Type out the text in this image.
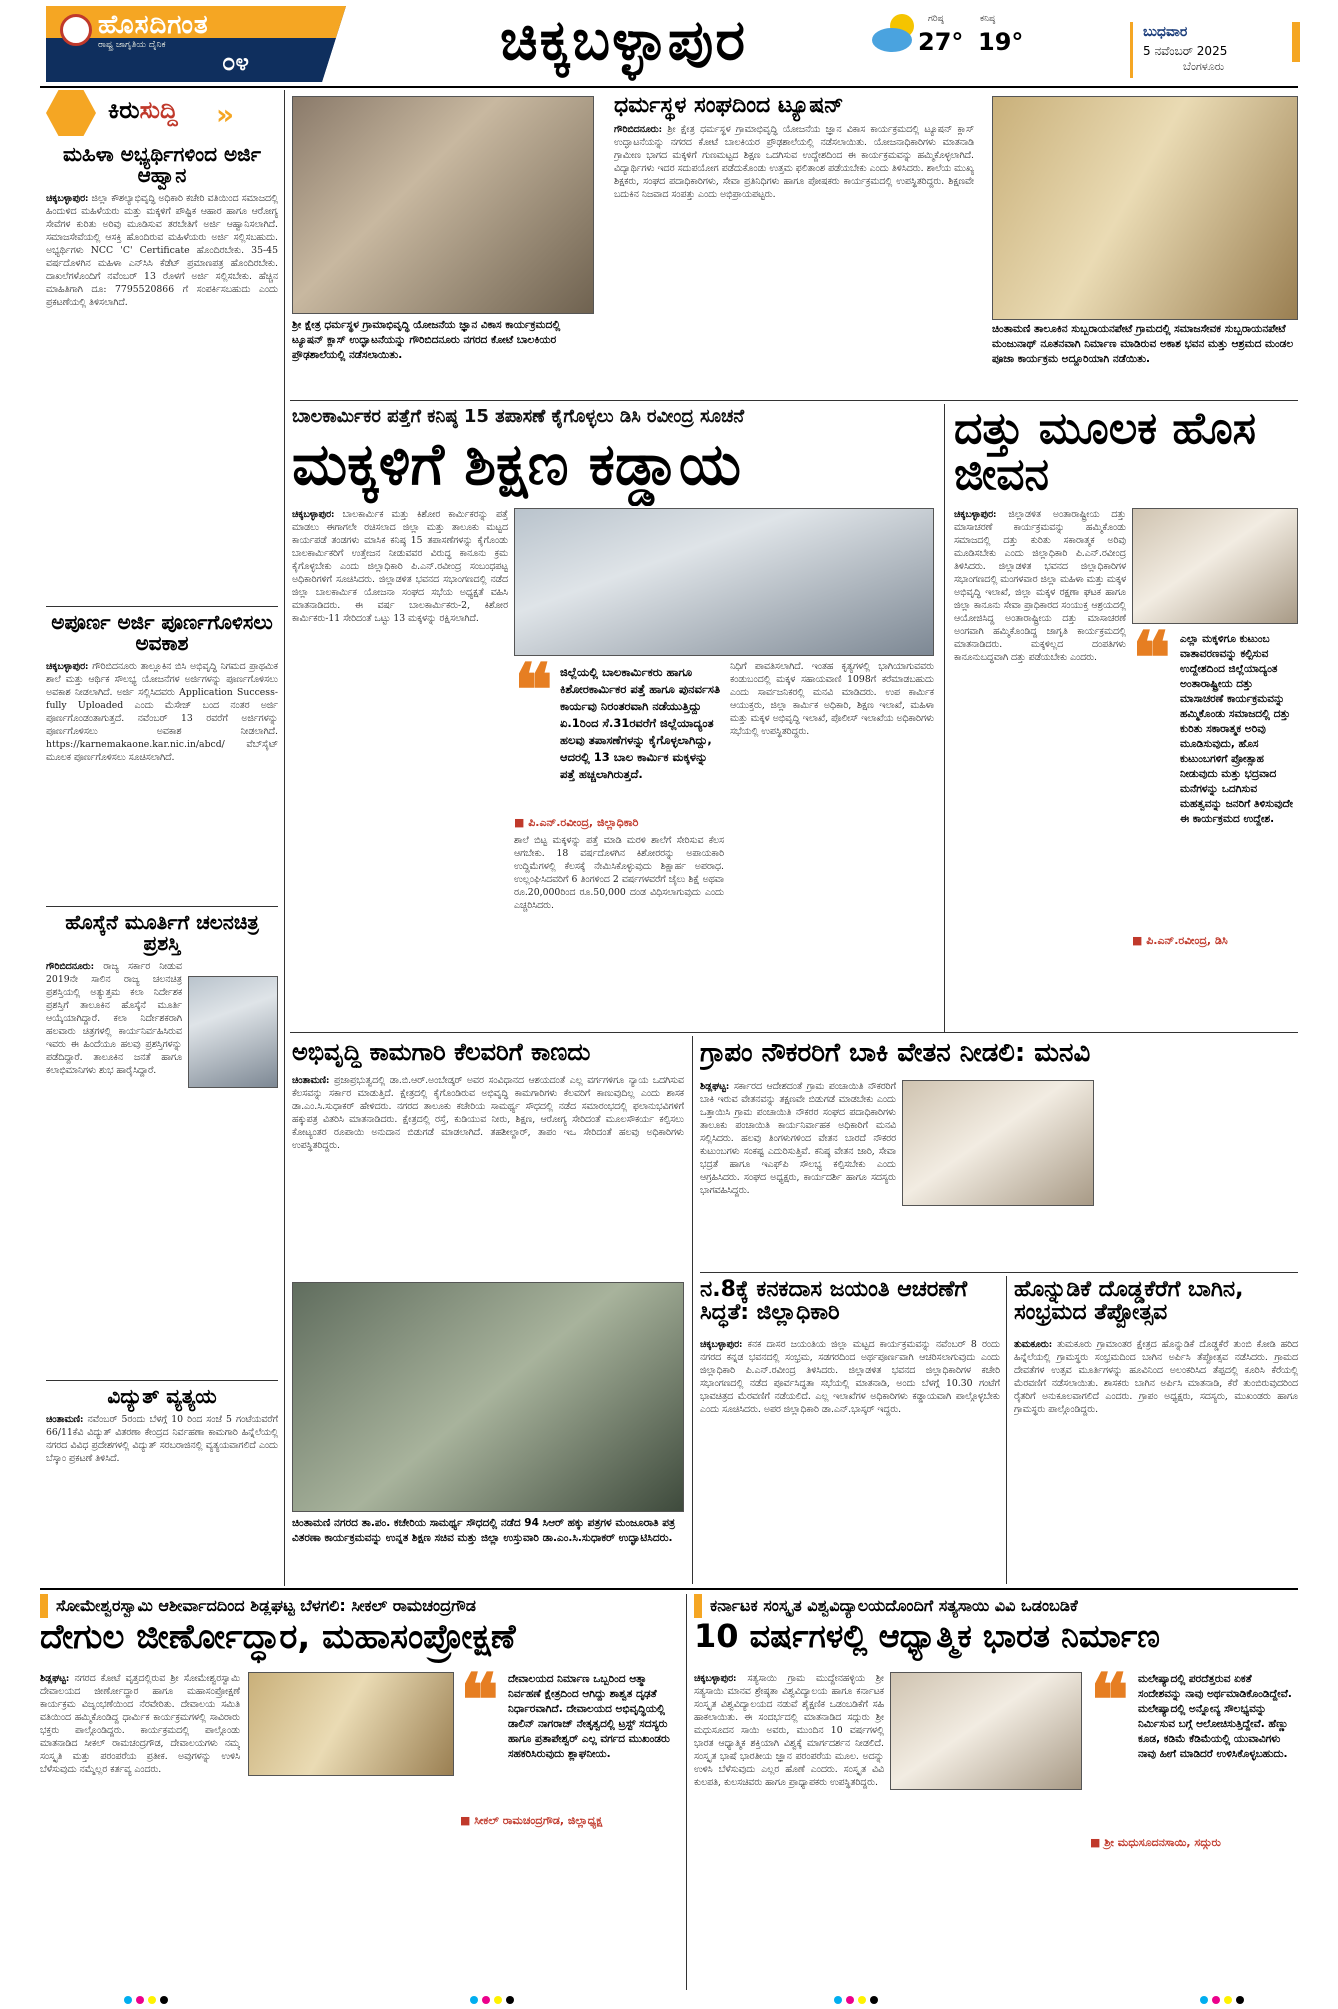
ಹೊಸದಿಗಂತ
ರಾಷ್ಟ್ರ ಜಾಗೃತಿಯ ದೈನಿಕ
೦೪	ಚಿಕ್ಕಬಳ್ಳಾಪುರ	ಗರಿಷ್ಠ
27°
ಕನಿಷ್ಠ
19°	ಬುಧವಾರ
5 ನವೆಂಬರ್ 2025
ಬೆಂಗಳೂರು
ಕಿರುಸುದ್ದಿ »
ಮಹಿಳಾ ಅಭ್ಯರ್ಥಿಗಳಿಂದ ಅರ್ಜಿ ಆಹ್ವಾನ
ಚಿಕ್ಕಬಳ್ಳಾಪುರ: ಜಿಲ್ಲಾ ಕೌಶಲ್ಯಾಭಿವೃದ್ಧಿ ಅಧಿಕಾರಿ ಕಚೇರಿ ವತಿಯಿಂದ ಸಮಾಜದಲ್ಲಿ ಹಿಂದುಳಿದ ಮಹಿಳೆಯರು ಮತ್ತು ಮಕ್ಕಳಿಗೆ ಪೌಷ್ಟಿಕ ಆಹಾರ ಹಾಗೂ ಆರೋಗ್ಯ ಸೇವೆಗಳ ಕುರಿತು ಅರಿವು ಮೂಡಿಸುವ ತರಬೇತಿಗೆ ಅರ್ಜಿ ಆಹ್ವಾನಿಸಲಾಗಿದೆ. ಸಮಾಜಸೇವೆಯಲ್ಲಿ ಆಸಕ್ತಿ ಹೊಂದಿರುವ ಮಹಿಳೆಯರು ಅರ್ಜಿ ಸಲ್ಲಿಸಬಹುದು. ಅಭ್ಯರ್ಥಿಗಳು NCC 'C' Certificate ಹೊಂದಿರಬೇಕು. 35-45 ವರ್ಷದೊಳಗಿನ ಮಹಿಳಾ ಎನ್‌ಸಿಸಿ ಕೆಡೆಟ್ ಪ್ರಮಾಣಪತ್ರ ಹೊಂದಿರಬೇಕು. ದಾಖಲೆಗಳೊಂದಿಗೆ ನವೆಂಬರ್ 13 ರೊಳಗೆ ಅರ್ಜಿ ಸಲ್ಲಿಸಬೇಕು. ಹೆಚ್ಚಿನ ಮಾಹಿತಿಗಾಗಿ ದೂ: 7795520866 ಗೆ ಸಂಪರ್ಕಿಸಬಹುದು ಎಂದು ಪ್ರಕಟಣೆಯಲ್ಲಿ ತಿಳಿಸಲಾಗಿದೆ.
ಅಪೂರ್ಣ ಅರ್ಜಿ ಪೂರ್ಣಗೊಳಿಸಲು ಅವಕಾಶ
ಚಿಕ್ಕಬಳ್ಳಾಪುರ: ಗೌರಿಬಿದನೂರು ತಾಲ್ಲೂಕಿನ ಬಿಸಿ ಅಭಿವೃದ್ಧಿ ನಿಗಮದ ಪ್ರಾಥಮಿಕ ಶಾಲೆ ಮತ್ತು ಆರ್ಥಿಕ ಸೌಲಭ್ಯ ಯೋಜನೆಗಳ ಅರ್ಜಿಗಳನ್ನು ಪೂರ್ಣಗೊಳಿಸಲು ಅವಕಾಶ ನೀಡಲಾಗಿದೆ. ಅರ್ಜಿ ಸಲ್ಲಿಸಿದವರು Application Success-fully Uploaded ಎಂದು ಮೆಸೇಜ್ ಬಂದ ನಂತರ ಅರ್ಜಿ ಪೂರ್ಣಗೊಂಡಂತಾಗುತ್ತದೆ. ನವೆಂಬರ್ 13 ರವರೆಗೆ ಅರ್ಜಿಗಳನ್ನು ಪೂರ್ಣಗೊಳಿಸಲು ಅವಕಾಶ ನೀಡಲಾಗಿದೆ. https://karnemakaone.kar.nic.in/abcd/ ವೆಬ್‌ಸೈಟ್ ಮೂಲಕ ಪೂರ್ಣಗೊಳಿಸಲು ಸೂಚಿಸಲಾಗಿದೆ.
ಹೊಸ್ಕೆನೆ ಮೂರ್ತಿಗೆ ಚಲನಚಿತ್ರ ಪ್ರಶಸ್ತಿ
ಗೌರಿಬಿದನೂರು: ರಾಜ್ಯ ಸರ್ಕಾರ ನೀಡುವ 2019ನೇ ಸಾಲಿನ ರಾಜ್ಯ ಚಲನಚಿತ್ರ ಪ್ರಶಸ್ತಿಯಲ್ಲಿ ಅತ್ಯುತ್ತಮ ಕಲಾ ನಿರ್ದೇಶಕ ಪ್ರಶಸ್ತಿಗೆ ತಾಲೂಕಿನ ಹೊಸ್ಕೆನೆ ಮೂರ್ತಿ ಆಯ್ಕೆಯಾಗಿದ್ದಾರೆ. ಕಲಾ ನಿರ್ದೇಶಕರಾಗಿ ಹಲವಾರು ಚಿತ್ರಗಳಲ್ಲಿ ಕಾರ್ಯನಿರ್ವಹಿಸಿರುವ ಇವರು ಈ ಹಿಂದೆಯೂ ಹಲವು ಪ್ರಶಸ್ತಿಗಳನ್ನು ಪಡೆದಿದ್ದಾರೆ. ತಾಲೂಕಿನ ಜನತೆ ಹಾಗೂ ಕಲಾಭಿಮಾನಿಗಳು ಶುಭ ಹಾರೈಸಿದ್ದಾರೆ.
ವಿದ್ಯುತ್ ವ್ಯತ್ಯಯ
ಚಿಂತಾಮಣಿ: ನವೆಂಬರ್ 5ರಂದು ಬೆಳಗ್ಗೆ 10 ರಿಂದ ಸಂಜೆ 5 ಗಂಟೆಯವರೆಗೆ 66/11ಕೆವಿ ವಿದ್ಯುತ್ ವಿತರಣಾ ಕೇಂದ್ರದ ನಿರ್ವಹಣಾ ಕಾಮಗಾರಿ ಹಿನ್ನೆಲೆಯಲ್ಲಿ ನಗರದ ವಿವಿಧ ಪ್ರದೇಶಗಳಲ್ಲಿ ವಿದ್ಯುತ್ ಸರಬರಾಜಿನಲ್ಲಿ ವ್ಯತ್ಯಯವಾಗಲಿದೆ ಎಂದು ಬೆಸ್ಕಾಂ ಪ್ರಕಟಣೆ ತಿಳಿಸಿದೆ.
ಶ್ರೀ ಕ್ಷೇತ್ರ ಧರ್ಮಸ್ಥಳ ಗ್ರಾಮಾಭಿವೃದ್ಧಿ ಯೋಜನೆಯ ಜ್ಞಾನ ವಿಕಾಸ ಕಾರ್ಯಕ್ರಮದಲ್ಲಿ ಟ್ಯೂಷನ್ ಕ್ಲಾಸ್ ಉದ್ಘಾಟನೆಯನ್ನು ಗೌರಿಬಿದನೂರು ನಗರದ ಕೋಟೆ ಬಾಲಕಿಯರ ಪ್ರೌಢಶಾಲೆಯಲ್ಲಿ ನಡೆಸಲಾಯಿತು.
ಧರ್ಮಸ್ಥಳ ಸಂಘದಿಂದ ಟ್ಯೂಷನ್
ಗೌರಿಬಿದನೂರು: ಶ್ರೀ ಕ್ಷೇತ್ರ ಧರ್ಮಸ್ಥಳ ಗ್ರಾಮಾಭಿವೃದ್ಧಿ ಯೋಜನೆಯ ಜ್ಞಾನ ವಿಕಾಸ ಕಾರ್ಯಕ್ರಮದಲ್ಲಿ ಟ್ಯೂಷನ್ ಕ್ಲಾಸ್ ಉದ್ಘಾಟನೆಯನ್ನು ನಗರದ ಕೋಟೆ ಬಾಲಕಿಯರ ಪ್ರೌಢಶಾಲೆಯಲ್ಲಿ ನಡೆಸಲಾಯಿತು. ಯೋಜನಾಧಿಕಾರಿಗಳು ಮಾತನಾಡಿ ಗ್ರಾಮೀಣ ಭಾಗದ ಮಕ್ಕಳಿಗೆ ಗುಣಮಟ್ಟದ ಶಿಕ್ಷಣ ಒದಗಿಸುವ ಉದ್ದೇಶದಿಂದ ಈ ಕಾರ್ಯಕ್ರಮವನ್ನು ಹಮ್ಮಿಕೊಳ್ಳಲಾಗಿದೆ. ವಿದ್ಯಾರ್ಥಿಗಳು ಇದರ ಸದುಪಯೋಗ ಪಡೆದುಕೊಂಡು ಉತ್ತಮ ಫಲಿತಾಂಶ ಪಡೆಯಬೇಕು ಎಂದು ತಿಳಿಸಿದರು. ಶಾಲೆಯ ಮುಖ್ಯ ಶಿಕ್ಷಕರು, ಸಂಘದ ಪದಾಧಿಕಾರಿಗಳು, ಸೇವಾ ಪ್ರತಿನಿಧಿಗಳು ಹಾಗೂ ಪೋಷಕರು ಕಾರ್ಯಕ್ರಮದಲ್ಲಿ ಉಪಸ್ಥಿತರಿದ್ದರು. ಶಿಕ್ಷಣವೇ ಬದುಕಿನ ನಿಜವಾದ ಸಂಪತ್ತು ಎಂದು ಅಭಿಪ್ರಾಯಪಟ್ಟರು.
ಚಿಂತಾಮಣಿ ತಾಲೂಕಿನ ಸುಬ್ಬರಾಯನಪೇಟೆ ಗ್ರಾಮದಲ್ಲಿ ಸಮಾಜಸೇವಕ ಸುಬ್ಬರಾಯನಪೇಟೆ ಮಂಜುನಾಥ್ ನೂತನವಾಗಿ ನಿರ್ಮಾಣ ಮಾಡಿರುವ ಅಕಾಶ ಭವನ ಮತ್ತು ಆಶ್ರಮದ ಮಂಡಲ ಪೂಜಾ ಕಾರ್ಯಕ್ರಮ ಅದ್ದೂರಿಯಾಗಿ ನಡೆಯಿತು.
ಬಾಲಕಾರ್ಮಿಕರ ಪತ್ತೆಗೆ ಕನಿಷ್ಠ 15 ತಪಾಸಣೆ ಕೈಗೊಳ್ಳಲು ಡಿಸಿ ರವೀಂದ್ರ ಸೂಚನೆ
ಮಕ್ಕಳಿಗೆ ಶಿಕ್ಷಣ ಕಡ್ಡಾಯ
ಚಿಕ್ಕಬಳ್ಳಾಪುರ: ಬಾಲಕಾರ್ಮಿಕ ಮತ್ತು ಕಿಶೋರ ಕಾರ್ಮಿಕರನ್ನು ಪತ್ತೆ ಮಾಡಲು ಈಗಾಗಲೇ ರಚಿಸಲಾದ ಜಿಲ್ಲಾ ಮತ್ತು ತಾಲೂಕು ಮಟ್ಟದ ಕಾರ್ಯಪಡೆ ತಂಡಗಳು ಮಾಸಿಕ ಕನಿಷ್ಠ 15 ತಪಾಸಣೆಗಳನ್ನು ಕೈಗೊಂಡು ಬಾಲಕಾರ್ಮಿಕರಿಗೆ ಉತ್ತೇಜನ ನೀಡುವವರ ವಿರುದ್ಧ ಕಾನೂನು ಕ್ರಮ ಕೈಗೊಳ್ಳಬೇಕು ಎಂದು ಜಿಲ್ಲಾಧಿಕಾರಿ ಪಿ.ಎನ್.ರವೀಂದ್ರ ಸಂಬಂಧಪಟ್ಟ ಅಧಿಕಾರಿಗಳಿಗೆ ಸೂಚಿಸಿದರು. ಜಿಲ್ಲಾಡಳಿತ ಭವನದ ಸಭಾಂಗಣದಲ್ಲಿ ನಡೆದ ಜಿಲ್ಲಾ ಬಾಲಕಾರ್ಮಿಕ ಯೋಜನಾ ಸಂಘದ ಸಭೆಯ ಅಧ್ಯಕ್ಷತೆ ವಹಿಸಿ ಮಾತನಾಡಿದರು. ಈ ವರ್ಷ ಬಾಲಕಾರ್ಮಿಕರು-2, ಕಿಶೋರ ಕಾರ್ಮಿಕರು-11 ಸೇರಿದಂತೆ ಒಟ್ಟು 13 ಮಕ್ಕಳನ್ನು ರಕ್ಷಿಸಲಾಗಿದೆ.
❝ ಜಿಲ್ಲೆಯಲ್ಲಿ ಬಾಲಕಾರ್ಮಿಕರು ಹಾಗೂ ಕಿಶೋರಕಾರ್ಮಿಕರ ಪತ್ತೆ ಹಾಗೂ ಪುನರ್ವಸತಿ ಕಾರ್ಯವು ನಿರಂತರವಾಗಿ ನಡೆಯುತ್ತಿದ್ದು ಏ.1ರಿಂದ ಸೆ.31ರವರೆಗೆ ಜಿಲ್ಲೆಯಾದ್ಯಂತ ಹಲವು ತಪಾಸಣೆಗಳನ್ನು ಕೈಗೊಳ್ಳಲಾಗಿದ್ದು, ಆದರಲ್ಲಿ 13 ಬಾಲ ಕಾರ್ಮಿಕ ಮಕ್ಕಳನ್ನು ಪತ್ತೆ ಹಚ್ಚಲಾಗಿರುತ್ತದೆ.
■ ಪಿ.ಎನ್.ರವೀಂದ್ರ, ಜಿಲ್ಲಾಧಿಕಾರಿ
ಶಾಲೆ ಬಿಟ್ಟ ಮಕ್ಕಳನ್ನು ಪತ್ತೆ ಮಾಡಿ ಮರಳಿ ಶಾಲೆಗೆ ಸೇರಿಸುವ ಕೆಲಸ ಆಗಬೇಕು. 18 ವರ್ಷದೊಳಗಿನ ಕಿಶೋರರನ್ನು ಅಪಾಯಕಾರಿ ಉದ್ದಿಮೆಗಳಲ್ಲಿ ಕೆಲಸಕ್ಕೆ ನೇಮಿಸಿಕೊಳ್ಳುವುದು ಶಿಕ್ಷಾರ್ಹ ಅಪರಾಧ. ಉಲ್ಲಂಘಿಸಿದವರಿಗೆ 6 ತಿಂಗಳಿಂದ 2 ವರ್ಷಗಳವರೆಗೆ ಜೈಲು ಶಿಕ್ಷೆ ಅಥವಾ ರೂ.20,000ರಿಂದ ರೂ.50,000 ದಂಡ ವಿಧಿಸಲಾಗುವುದು ಎಂದು ಎಚ್ಚರಿಸಿದರು.
ನಿಧಿಗೆ ಪಾವತಿಸಲಾಗಿದೆ. ಇಂತಹ ಕೃತ್ಯಗಳಲ್ಲಿ ಭಾಗಿಯಾಗುವವರು ಕಂಡುಬಂದಲ್ಲಿ ಮಕ್ಕಳ ಸಹಾಯವಾಣಿ 1098ಗೆ ಕರೆಮಾಡಬಹುದು ಎಂದು ಸಾರ್ವಜನಿಕರಲ್ಲಿ ಮನವಿ ಮಾಡಿದರು. ಉಪ ಕಾರ್ಮಿಕ ಆಯುಕ್ತರು, ಜಿಲ್ಲಾ ಕಾರ್ಮಿಕ ಅಧಿಕಾರಿ, ಶಿಕ್ಷಣ ಇಲಾಖೆ, ಮಹಿಳಾ ಮತ್ತು ಮಕ್ಕಳ ಅಭಿವೃದ್ಧಿ ಇಲಾಖೆ, ಪೊಲೀಸ್ ಇಲಾಖೆಯ ಅಧಿಕಾರಿಗಳು ಸಭೆಯಲ್ಲಿ ಉಪಸ್ಥಿತರಿದ್ದರು.
ದತ್ತು ಮೂಲಕ ಹೊಸ ಜೀವನ
ಚಿಕ್ಕಬಳ್ಳಾಪುರ: ಜಿಲ್ಲಾಡಳಿತ ಅಂತಾರಾಷ್ಟ್ರೀಯ ದತ್ತು ಮಾಸಾಚರಣೆ ಕಾರ್ಯಕ್ರಮವನ್ನು ಹಮ್ಮಿಕೊಂಡು ಸಮಾಜದಲ್ಲಿ ದತ್ತು ಕುರಿತು ಸಕಾರಾತ್ಮಕ ಅರಿವು ಮೂಡಿಸಬೇಕು ಎಂದು ಜಿಲ್ಲಾಧಿಕಾರಿ ಪಿ.ಎನ್.ರವೀಂದ್ರ ತಿಳಿಸಿದರು. ಜಿಲ್ಲಾಡಳಿತ ಭವನದ ಜಿಲ್ಲಾಧಿಕಾರಿಗಳ ಸಭಾಂಗಣದಲ್ಲಿ ಮಂಗಳವಾರ ಜಿಲ್ಲಾ ಮಹಿಳಾ ಮತ್ತು ಮಕ್ಕಳ ಅಭಿವೃದ್ಧಿ ಇಲಾಖೆ, ಜಿಲ್ಲಾ ಮಕ್ಕಳ ರಕ್ಷಣಾ ಘಟಕ ಹಾಗೂ ಜಿಲ್ಲಾ ಕಾನೂನು ಸೇವಾ ಪ್ರಾಧಿಕಾರದ ಸಂಯುಕ್ತ ಆಶ್ರಯದಲ್ಲಿ ಆಯೋಜಿಸಿದ್ದ ಅಂತಾರಾಷ್ಟ್ರೀಯ ದತ್ತು ಮಾಸಾಚರಣೆ ಅಂಗವಾಗಿ ಹಮ್ಮಿಕೊಂಡಿದ್ದ ಜಾಗೃತಿ ಕಾರ್ಯಕ್ರಮದಲ್ಲಿ ಮಾತನಾಡಿದರು. ಮಕ್ಕಳಿಲ್ಲದ ದಂಪತಿಗಳು ಕಾನೂನುಬದ್ಧವಾಗಿ ದತ್ತು ಪಡೆಯಬೇಕು ಎಂದರು. ❝ ಎಲ್ಲಾ ಮಕ್ಕಳಿಗೂ ಕುಟುಂಬ ವಾತಾವರಣವನ್ನು ಕಲ್ಪಿಸುವ ಉದ್ದೇಶದಿಂದ ಜಿಲ್ಲೆಯಾದ್ಯಂತ ಅಂತಾರಾಷ್ಟ್ರೀಯ ದತ್ತು ಮಾಸಾಚರಣೆ ಕಾರ್ಯಕ್ರಮವನ್ನು ಹಮ್ಮಿಕೊಂಡು ಸಮಾಜದಲ್ಲಿ ದತ್ತು ಕುರಿತು ಸಕಾರಾತ್ಮಕ ಅರಿವು ಮೂಡಿಸುವುದು, ಹೊಸ ಕುಟುಂಬಗಳಿಗೆ ಪ್ರೋತ್ಸಾಹ ನೀಡುವುದು ಮತ್ತು ಭದ್ರವಾದ ಮನೆಗಳನ್ನು ಒದಗಿಸುವ ಮಹತ್ವವನ್ನು ಜನರಿಗೆ ತಿಳಿಸುವುದೇ ಈ ಕಾರ್ಯಕ್ರಮದ ಉದ್ದೇಶ.
■ ಪಿ.ಎನ್.ರವೀಂದ್ರ, ಡಿಸಿ
ಅಭಿವೃದ್ಧಿ ಕಾಮಗಾರಿ ಕೆಲವರಿಗೆ ಕಾಣದು
ಚಿಂತಾಮಣಿ: ಪ್ರಜಾಪ್ರಭುತ್ವದಲ್ಲಿ ಡಾ.ಬಿ.ಆರ್.ಅಂಬೇಡ್ಕರ್ ಅವರ ಸಂವಿಧಾನದ ಆಶಯದಂತೆ ಎಲ್ಲ ವರ್ಗಗಳಿಗೂ ನ್ಯಾಯ ಒದಗಿಸುವ ಕೆಲಸವನ್ನು ಸರ್ಕಾರ ಮಾಡುತ್ತಿದೆ. ಕ್ಷೇತ್ರದಲ್ಲಿ ಕೈಗೊಂಡಿರುವ ಅಭಿವೃದ್ಧಿ ಕಾಮಗಾರಿಗಳು ಕೆಲವರಿಗೆ ಕಾಣುವುದಿಲ್ಲ ಎಂದು ಶಾಸಕ ಡಾ.ಎಂ.ಸಿ.ಸುಧಾಕರ್ ಹೇಳಿದರು. ನಗರದ ತಾಲೂಕು ಕಚೇರಿಯ ಸಾಮರ್ಥ್ಯ ಸೌಧದಲ್ಲಿ ನಡೆದ ಸಮಾರಂಭದಲ್ಲಿ ಫಲಾನುಭವಿಗಳಿಗೆ ಹಕ್ಕುಪತ್ರ ವಿತರಿಸಿ ಮಾತನಾಡಿದರು. ಕ್ಷೇತ್ರದಲ್ಲಿ ರಸ್ತೆ, ಕುಡಿಯುವ ನೀರು, ಶಿಕ್ಷಣ, ಆರೋಗ್ಯ ಸೇರಿದಂತೆ ಮೂಲಸೌಕರ್ಯ ಕಲ್ಪಿಸಲು ಕೋಟ್ಯಂತರ ರೂಪಾಯಿ ಅನುದಾನ ಬಿಡುಗಡೆ ಮಾಡಲಾಗಿದೆ. ತಹಶೀಲ್ದಾರ್, ತಾಪಂ ಇಒ ಸೇರಿದಂತೆ ಹಲವು ಅಧಿಕಾರಿಗಳು ಉಪಸ್ಥಿತರಿದ್ದರು.
ಚಿಂತಾಮಣಿ ನಗರದ ತಾ.ಪಂ. ಕಚೇರಿಯ ಸಾಮರ್ಥ್ಯ ಸೌಧದಲ್ಲಿ ನಡೆದ 94 ಸಿಆರ್ ಹಕ್ಕು ಪತ್ರಗಳ ಮಂಜೂರಾತಿ ಪತ್ರ ವಿತರಣಾ ಕಾರ್ಯಕ್ರಮವನ್ನು ಉನ್ನತ ಶಿಕ್ಷಣ ಸಚಿವ ಮತ್ತು ಜಿಲ್ಲಾ ಉಸ್ತುವಾರಿ ಡಾ.ಎಂ.ಸಿ.ಸುಧಾಕರ್ ಉದ್ಘಾಟಿಸಿದರು.
ಗ್ರಾಪಂ ನೌಕರರಿಗೆ ಬಾಕಿ ವೇತನ ನೀಡಲಿ: ಮನವಿ
ಶಿಡ್ಲಘಟ್ಟ: ಸರ್ಕಾರದ ಆದೇಶದಂತೆ ಗ್ರಾಮ ಪಂಚಾಯಿತಿ ನೌಕರರಿಗೆ ಬಾಕಿ ಇರುವ ವೇತನವನ್ನು ತಕ್ಷಣವೇ ಬಿಡುಗಡೆ ಮಾಡಬೇಕು ಎಂದು ಒತ್ತಾಯಿಸಿ ಗ್ರಾಮ ಪಂಚಾಯಿತಿ ನೌಕರರ ಸಂಘದ ಪದಾಧಿಕಾರಿಗಳು ತಾಲೂಕು ಪಂಚಾಯಿತಿ ಕಾರ್ಯನಿರ್ವಾಹಕ ಅಧಿಕಾರಿಗೆ ಮನವಿ ಸಲ್ಲಿಸಿದರು. ಹಲವು ತಿಂಗಳುಗಳಿಂದ ವೇತನ ಬಾರದೆ ನೌಕರರ ಕುಟುಂಬಗಳು ಸಂಕಷ್ಟ ಎದುರಿಸುತ್ತಿವೆ. ಕನಿಷ್ಠ ವೇತನ ಜಾರಿ, ಸೇವಾ ಭದ್ರತೆ ಹಾಗೂ ಇಎಫ್‌ಪಿ ಸೌಲಭ್ಯ ಕಲ್ಪಿಸಬೇಕು ಎಂದು ಆಗ್ರಹಿಸಿದರು. ಸಂಘದ ಅಧ್ಯಕ್ಷರು, ಕಾರ್ಯದರ್ಶಿ ಹಾಗೂ ಸದಸ್ಯರು ಭಾಗವಹಿಸಿದ್ದರು.
ನ.8ಕ್ಕೆ ಕನಕದಾಸ ಜಯಂತಿ ಆಚರಣೆಗೆ ಸಿದ್ಧತೆ: ಜಿಲ್ಲಾಧಿಕಾರಿ
ಚಿಕ್ಕಬಳ್ಳಾಪುರ: ಕನಕ ದಾಸರ ಜಯಂತಿಯ ಜಿಲ್ಲಾ ಮಟ್ಟದ ಕಾರ್ಯಕ್ರಮವನ್ನು ನವೆಂಬರ್ 8 ರಂದು ನಗರದ ಕನ್ನಡ ಭವನದಲ್ಲಿ ಸಂಭ್ರಮ, ಸಡಗರದಿಂದ ಅರ್ಥಪೂರ್ಣವಾಗಿ ಆಚರಿಸಲಾಗುವುದು ಎಂದು ಜಿಲ್ಲಾಧಿಕಾರಿ ಪಿ.ಎನ್.ರವೀಂದ್ರ ತಿಳಿಸಿದರು. ಜಿಲ್ಲಾಡಳಿತ ಭವನದ ಜಿಲ್ಲಾಧಿಕಾರಿಗಳ ಕಚೇರಿ ಸಭಾಂಗಣದಲ್ಲಿ ನಡೆದ ಪೂರ್ವಸಿದ್ಧತಾ ಸಭೆಯಲ್ಲಿ ಮಾತನಾಡಿ, ಅಂದು ಬೆಳಗ್ಗೆ 10.30 ಗಂಟೆಗೆ ಭಾವಚಿತ್ರದ ಮೆರವಣಿಗೆ ನಡೆಯಲಿದೆ. ಎಲ್ಲ ಇಲಾಖೆಗಳ ಅಧಿಕಾರಿಗಳು ಕಡ್ಡಾಯವಾಗಿ ಪಾಲ್ಗೊಳ್ಳಬೇಕು ಎಂದು ಸೂಚಿಸಿದರು. ಅಪರ ಜಿಲ್ಲಾಧಿಕಾರಿ ಡಾ.ಎನ್.ಭಾಸ್ಕರ್ ಇದ್ದರು.
ಹೊನ್ನುಡಿಕೆ ದೊಡ್ಡಕೆರೆಗೆ ಬಾಗಿನ, ಸಂಭ್ರಮದ ತೆಪ್ಪೋತ್ಸವ
ತುಮಕೂರು: ತುಮಕೂರು ಗ್ರಾಮಾಂತರ ಕ್ಷೇತ್ರದ ಹೊನ್ನುಡಿಕೆ ದೊಡ್ಡಕೆರೆ ತುಂಬಿ ಕೋಡಿ ಹರಿದ ಹಿನ್ನೆಲೆಯಲ್ಲಿ ಗ್ರಾಮಸ್ಥರು ಸಂಭ್ರಮದಿಂದ ಬಾಗಿನ ಅರ್ಪಿಸಿ ತೆಪ್ಪೋತ್ಸವ ನಡೆಸಿದರು. ಗ್ರಾಮದ ದೇವತೆಗಳ ಉತ್ಸವ ಮೂರ್ತಿಗಳನ್ನು ಹೂವಿನಿಂದ ಅಲಂಕರಿಸಿದ ತೆಪ್ಪದಲ್ಲಿ ಕೂರಿಸಿ ಕೆರೆಯಲ್ಲಿ ಮೆರವಣಿಗೆ ನಡೆಸಲಾಯಿತು. ಶಾಸಕರು ಬಾಗಿನ ಅರ್ಪಿಸಿ ಮಾತನಾಡಿ, ಕೆರೆ ತುಂಬಿರುವುದರಿಂದ ರೈತರಿಗೆ ಅನುಕೂಲವಾಗಲಿದೆ ಎಂದರು. ಗ್ರಾಪಂ ಅಧ್ಯಕ್ಷರು, ಸದಸ್ಯರು, ಮುಖಂಡರು ಹಾಗೂ ಗ್ರಾಮಸ್ಥರು ಪಾಲ್ಗೊಂಡಿದ್ದರು.
ಸೋಮೇಶ್ವರಸ್ವಾಮಿ ಆಶೀರ್ವಾದದಿಂದ ಶಿಡ್ಲಘಟ್ಟ ಬೆಳಗಲಿ: ಸೀಕಲ್ ರಾಮಚಂದ್ರಗೌಡ
ದೇಗುಲ ಜೀರ್ಣೋದ್ಧಾರ, ಮಹಾಸಂಪ್ರೋಕ್ಷಣೆ
ಶಿಡ್ಲಘಟ್ಟ: ನಗರದ ಕೋಟೆ ವೃತ್ತದಲ್ಲಿರುವ ಶ್ರೀ ಸೋಮೇಶ್ವರಸ್ವಾಮಿ ದೇವಾಲಯದ ಜೀರ್ಣೋದ್ಧಾರ ಹಾಗೂ ಮಹಾಸಂಪ್ರೋಕ್ಷಣೆ ಕಾರ್ಯಕ್ರಮ ವಿಜೃಂಭಣೆಯಿಂದ ನೆರವೇರಿತು. ದೇವಾಲಯ ಸಮಿತಿ ವತಿಯಿಂದ ಹಮ್ಮಿಕೊಂಡಿದ್ದ ಧಾರ್ಮಿಕ ಕಾರ್ಯಕ್ರಮಗಳಲ್ಲಿ ಸಾವಿರಾರು ಭಕ್ತರು ಪಾಲ್ಗೊಂಡಿದ್ದರು. ಕಾರ್ಯಕ್ರಮದಲ್ಲಿ ಪಾಲ್ಗೊಂಡು ಮಾತನಾಡಿದ ಸೀಕಲ್ ರಾಮಚಂದ್ರಗೌಡ, ದೇವಾಲಯಗಳು ನಮ್ಮ ಸಂಸ್ಕೃತಿ ಮತ್ತು ಪರಂಪರೆಯ ಪ್ರತೀಕ. ಅವುಗಳನ್ನು ಉಳಿಸಿ ಬೆಳೆಸುವುದು ನಮ್ಮೆಲ್ಲರ ಕರ್ತವ್ಯ ಎಂದರು.
❝ ದೇವಾಲಯದ ನಿರ್ಮಾಣ ಒಬ್ಬರಿಂದ ಆತ್ಮಾ ನಿರ್ವಹಣೆ ಕ್ಷೇತ್ರದಿಂದ ಆಗಿದ್ದು ಶಾಶ್ವತ ದೃಢತೆ ನಿರ್ಧಾರವಾಗಿದೆ. ದೇವಾಲಯದ ಅಭಿವೃದ್ಧಿಯಲ್ಲಿ ಡಾಲಿನ್ ನಾಗರಾಜ್ ನೇತೃತ್ವದಲ್ಲಿ ಟ್ರಸ್ಟ್ ಸದಸ್ಯರು ಹಾಗೂ ಪ್ರತಾಪೇಶ್ವರ್ ಎಲ್ಲ ವರ್ಗದ ಮುಖಂಡರು ಸಹಕರಿಸಿರುವುದು ಶ್ಲಾಘನೀಯ.
■ ಸೀಕಲ್ ರಾಮಚಂದ್ರಗೌಡ, ಜಿಲ್ಲಾಧ್ಯಕ್ಷ
ಕರ್ನಾಟಕ ಸಂಸ್ಕೃತ ವಿಶ್ವವಿದ್ಯಾಲಯದೊಂದಿಗೆ ಸತ್ಯಸಾಯಿ ವಿವಿ ಒಡಂಬಡಿಕೆ
10 ವರ್ಷಗಳಲ್ಲಿ ಆಧ್ಯಾತ್ಮಿಕ ಭಾರತ ನಿರ್ಮಾಣ
ಚಿಕ್ಕಬಳ್ಳಾಪುರ: ಸತ್ಯಸಾಯಿ ಗ್ರಾಮ ಮುದ್ದೇನಹಳ್ಳಿಯ ಶ್ರೀ ಸತ್ಯಸಾಯಿ ಮಾನವ ಶ್ರೇಷ್ಠತಾ ವಿಶ್ವವಿದ್ಯಾಲಯ ಹಾಗೂ ಕರ್ನಾಟಕ ಸಂಸ್ಕೃತ ವಿಶ್ವವಿದ್ಯಾಲಯದ ನಡುವೆ ಶೈಕ್ಷಣಿಕ ಒಡಂಬಡಿಕೆಗೆ ಸಹಿ ಹಾಕಲಾಯಿತು. ಈ ಸಂದರ್ಭದಲ್ಲಿ ಮಾತನಾಡಿದ ಸದ್ಗುರು ಶ್ರೀ ಮಧುಸೂದನ ಸಾಯಿ ಅವರು, ಮುಂದಿನ 10 ವರ್ಷಗಳಲ್ಲಿ ಭಾರತ ಆಧ್ಯಾತ್ಮಿಕ ಶಕ್ತಿಯಾಗಿ ವಿಶ್ವಕ್ಕೆ ಮಾರ್ಗದರ್ಶನ ನೀಡಲಿದೆ. ಸಂಸ್ಕೃತ ಭಾಷೆ ಭಾರತೀಯ ಜ್ಞಾನ ಪರಂಪರೆಯ ಮೂಲ. ಅದನ್ನು ಉಳಿಸಿ ಬೆಳೆಸುವುದು ಎಲ್ಲರ ಹೊಣೆ ಎಂದರು. ಸಂಸ್ಕೃತ ವಿವಿ ಕುಲಪತಿ, ಕುಲಸಚಿವರು ಹಾಗೂ ಪ್ರಾಧ್ಯಾಪಕರು ಉಪಸ್ಥಿತರಿದ್ದರು.
❝ ಮಲೇಷ್ಯಾದಲ್ಲಿ ಪರದೆತ್ತರುವ ಏಕತೆ ಸಂದೇಶವನ್ನು ನಾವು ಅರ್ಥಮಾಡಿಕೊಂಡಿದ್ದೇವೆ. ಮಲೇಷ್ಯಾದಲ್ಲಿ ಅನ್ನೋನ್ಯ ಸೌಲಭ್ಯವನ್ನು ನಿರ್ಮಿಸುವ ಬಗ್ಗೆ ಆಲೋಚಿಸುತ್ತಿದ್ದೇವೆ. ಹೆಣ್ಣು ಕೂಡ, ಕಡಿಮೆ ಕೆಡಿಮೆಯಲ್ಲಿ ಯುವಾವಿಗಳು ನಾವು ಹೀಗೆ ಮಾಡಿದರೆ ಉಳಿಸಿಕೊಳ್ಳಬಹುದು.
■ ಶ್ರೀ ಮಧುಸೂದನಸಾಯಿ, ಸದ್ಗುರು
